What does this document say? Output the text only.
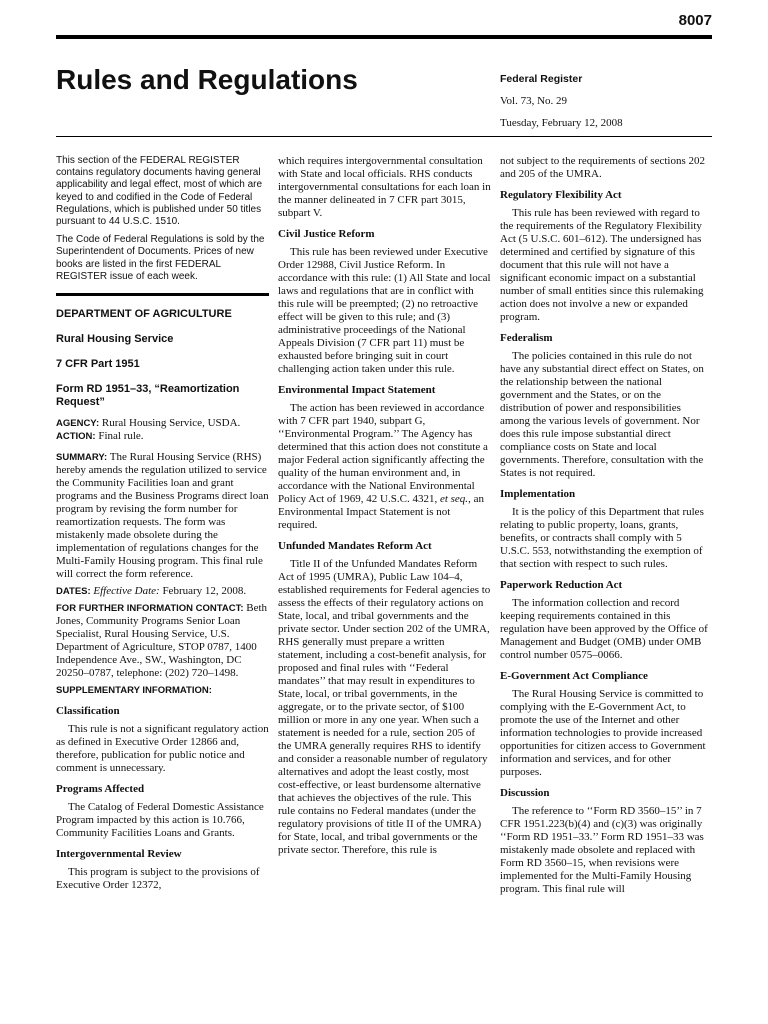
8007
Rules and Regulations	Federal Register
Vol. 73, No. 29
Tuesday, February 12, 2008

This section of the FEDERAL REGISTER contains regulatory documents having general applicability and legal effect, most of which are keyed to and codified in the Code of Federal Regulations, which is published under 50 titles pursuant to 44 U.S.C. 1510.

The Code of Federal Regulations is sold by the Superintendent of Documents. Prices of new books are listed in the first FEDERAL REGISTER issue of each week.

DEPARTMENT OF AGRICULTURE
Rural Housing Service
7 CFR Part 1951
Form RD 1951–33, “Reamortization Request”

AGENCY: Rural Housing Service, USDA.

ACTION: Final rule.

SUMMARY: The Rural Housing Service (RHS) hereby amends the regulation utilized to service the Community Facilities loan and grant programs and the Business Programs direct loan program by revising the form number for reamortization requests. The form was mistakenly made obsolete during the implementation of regulations changes for the Multi-Family Housing program. This final rule will correct the form reference.

DATES: Effective Date: February 12, 2008.

FOR FURTHER INFORMATION CONTACT: Beth Jones, Community Programs Senior Loan Specialist, Rural Housing Service, U.S. Department of Agriculture, STOP 0787, 1400 Independence Ave., SW., Washington, DC 20250–0787, telephone: (202) 720–1498.

SUPPLEMENTARY INFORMATION:

Classification

This rule is not a significant regulatory action as defined in Executive Order 12866 and, therefore, publication for public notice and comment is unnecessary.

Programs Affected

The Catalog of Federal Domestic Assistance Program impacted by this action is 10.766, Community Facilities Loans and Grants.

Intergovernmental Review

This program is subject to the provisions of Executive Order 12372,

which requires intergovernmental consultation with State and local officials. RHS conducts intergovernmental consultations for each loan in the manner delineated in 7 CFR part 3015, subpart V.

Civil Justice Reform

This rule has been reviewed under Executive Order 12988, Civil Justice Reform. In accordance with this rule: (1) All State and local laws and regulations that are in conflict with this rule will be preempted; (2) no retroactive effect will be given to this rule; and (3) administrative proceedings of the National Appeals Division (7 CFR part 11) must be exhausted before bringing suit in court challenging action taken under this rule.

Environmental Impact Statement

The action has been reviewed in accordance with 7 CFR part 1940, subpart G, ‘‘Environmental Program.’’ The Agency has determined that this action does not constitute a major Federal action significantly affecting the quality of the human environment and, in accordance with the National Environmental Policy Act of 1969, 42 U.S.C. 4321, et seq., an Environmental Impact Statement is not required.

Unfunded Mandates Reform Act

Title II of the Unfunded Mandates Reform Act of 1995 (UMRA), Public Law 104–4, established requirements for Federal agencies to assess the effects of their regulatory actions on State, local, and tribal governments and the private sector. Under section 202 of the UMRA, RHS generally must prepare a written statement, including a cost-benefit analysis, for proposed and final rules with ‘‘Federal mandates’’ that may result in expenditures to State, local, or tribal governments, in the aggregate, or to the private sector, of $100 million or more in any one year. When such a statement is needed for a rule, section 205 of the UMRA generally requires RHS to identify and consider a reasonable number of regulatory alternatives and adopt the least costly, most cost-effective, or least burdensome alternative that achieves the objectives of the rule. This rule contains no Federal mandates (under the regulatory provisions of title II of the UMRA) for State, local, and tribal governments or the private sector. Therefore, this rule is

not subject to the requirements of sections 202 and 205 of the UMRA.

Regulatory Flexibility Act

This rule has been reviewed with regard to the requirements of the Regulatory Flexibility Act (5 U.S.C. 601–612). The undersigned has determined and certified by signature of this document that this rule will not have a significant economic impact on a substantial number of small entities since this rulemaking action does not involve a new or expanded program.

Federalism

The policies contained in this rule do not have any substantial direct effect on States, on the relationship between the national government and the States, or on the distribution of power and responsibilities among the various levels of government. Nor does this rule impose substantial direct compliance costs on State and local governments. Therefore, consultation with the States is not required.

Implementation

It is the policy of this Department that rules relating to public property, loans, grants, benefits, or contracts shall comply with 5 U.S.C. 553, notwithstanding the exemption of that section with respect to such rules.

Paperwork Reduction Act

The information collection and record keeping requirements contained in this regulation have been approved by the Office of Management and Budget (OMB) under OMB control number 0575–0066.

E-Government Act Compliance

The Rural Housing Service is committed to complying with the E-Government Act, to promote the use of the Internet and other information technologies to provide increased opportunities for citizen access to Government information and services, and for other purposes.

Discussion

The reference to ‘‘Form RD 3560–15’’ in 7 CFR 1951.223(b)(4) and (c)(3) was originally ‘‘Form RD 1951–33.’’ Form RD 1951–33 was mistakenly made obsolete and replaced with Form RD 3560–15, when revisions were implemented for the Multi-Family Housing program. This final rule will
